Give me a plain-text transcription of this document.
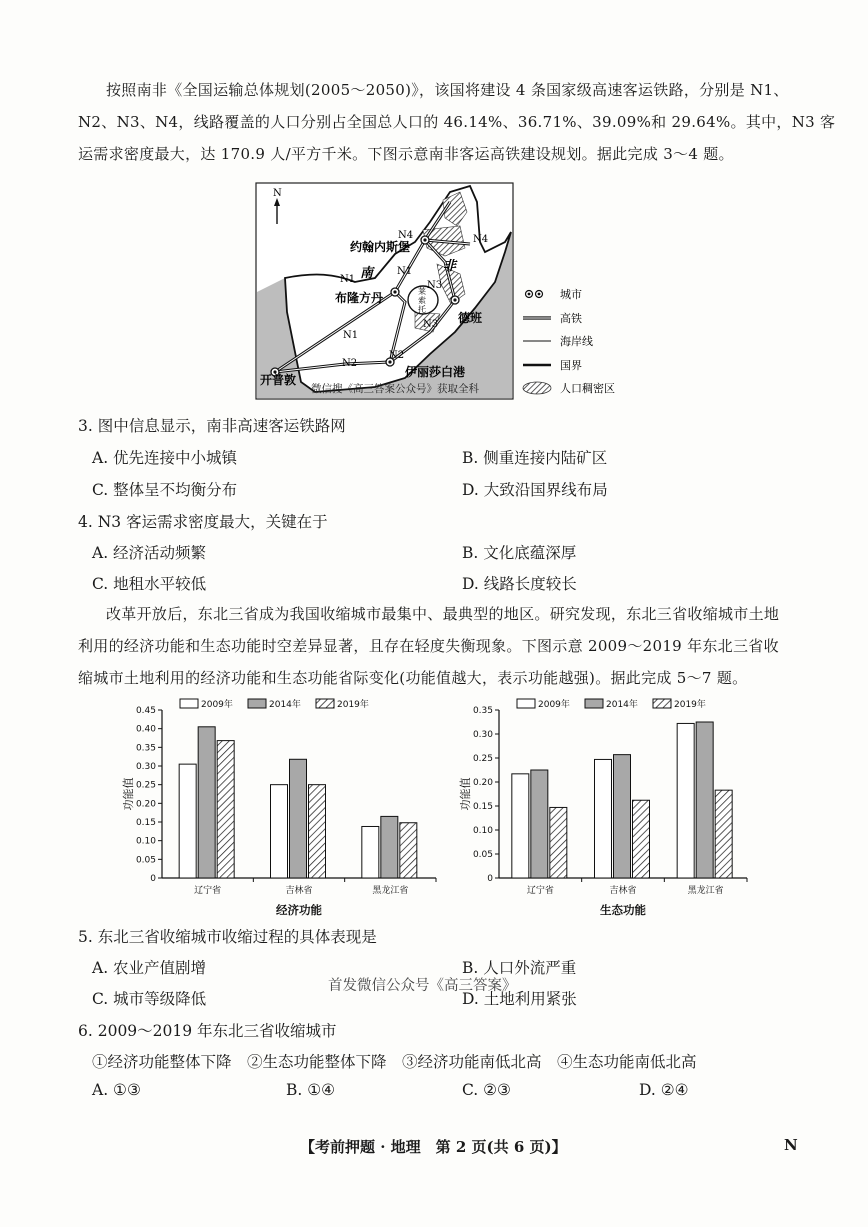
按照南非《全国运输总体规划(2005～2050)》，该国将建设 4 条国家级高速客运铁路，分别是 N1、
N2、N3、N4，线路覆盖的人口分别占全国总人口的 46.14%、36.71%、39.09%和 29.64%。其中，N3 客
运需求密度最大，达 170.9 人/平方千米。下图示意南非客运高铁建设规划。据此完成 3～4 题。
N
约翰内斯堡
布隆方丹
开普敦
伊丽莎白港
德班
南	非
莱
索
托
N1
N1
N1
N2
N2
N3
N4	N4
N3
微信搜《高三答案公众号》获取全科
城市
高铁
海岸线
国界
人口稠密区
3. 图中信息显示，南非高速客运铁路网
A. 优先连接中小城镇	B. 侧重连接内陆矿区
C. 整体呈不均衡分布	D. 大致沿国界线布局
4. N3 客运需求密度最大，关键在于
A. 经济活动频繁	B. 文化底蕴深厚
C. 地租水平较低	D. 线路长度较长
改革开放后，东北三省成为我国收缩城市最集中、最典型的地区。研究发现，东北三省收缩城市土地
利用的经济功能和生态功能时空差异显著，且存在轻度失衡现象。下图示意 2009～2019 年东北三省收
缩城市土地利用的经济功能和生态功能省际变化(功能值越大，表示功能越强)。据此完成 5～7 题。
0
0.05
0.10
0.15
0.20
0.25
0.30
0.35
0.40
0.45
功能值
辽宁省	吉林省	黑龙江省
经济功能
2009年	2014年	2019年
0
0.05
0.10
0.15
0.20
0.25
0.30
0.35
功能值
辽宁省	吉林省	黑龙江省
生态功能
2009年	2014年	2019年
5. 东北三省收缩城市收缩过程的具体表现是
A. 农业产值剧增	B. 人口外流严重
首发微信公众号《高三答案》
C. 城市等级降低	D. 土地利用紧张
6. 2009～2019 年东北三省收缩城市
①经济功能整体下降　②生态功能整体下降　③经济功能南低北高　④生态功能南低北高
A. ①③	B. ①④	C. ②③	D. ②④
【考前押题 · 地理　第 2 页(共 6 页)】	N
